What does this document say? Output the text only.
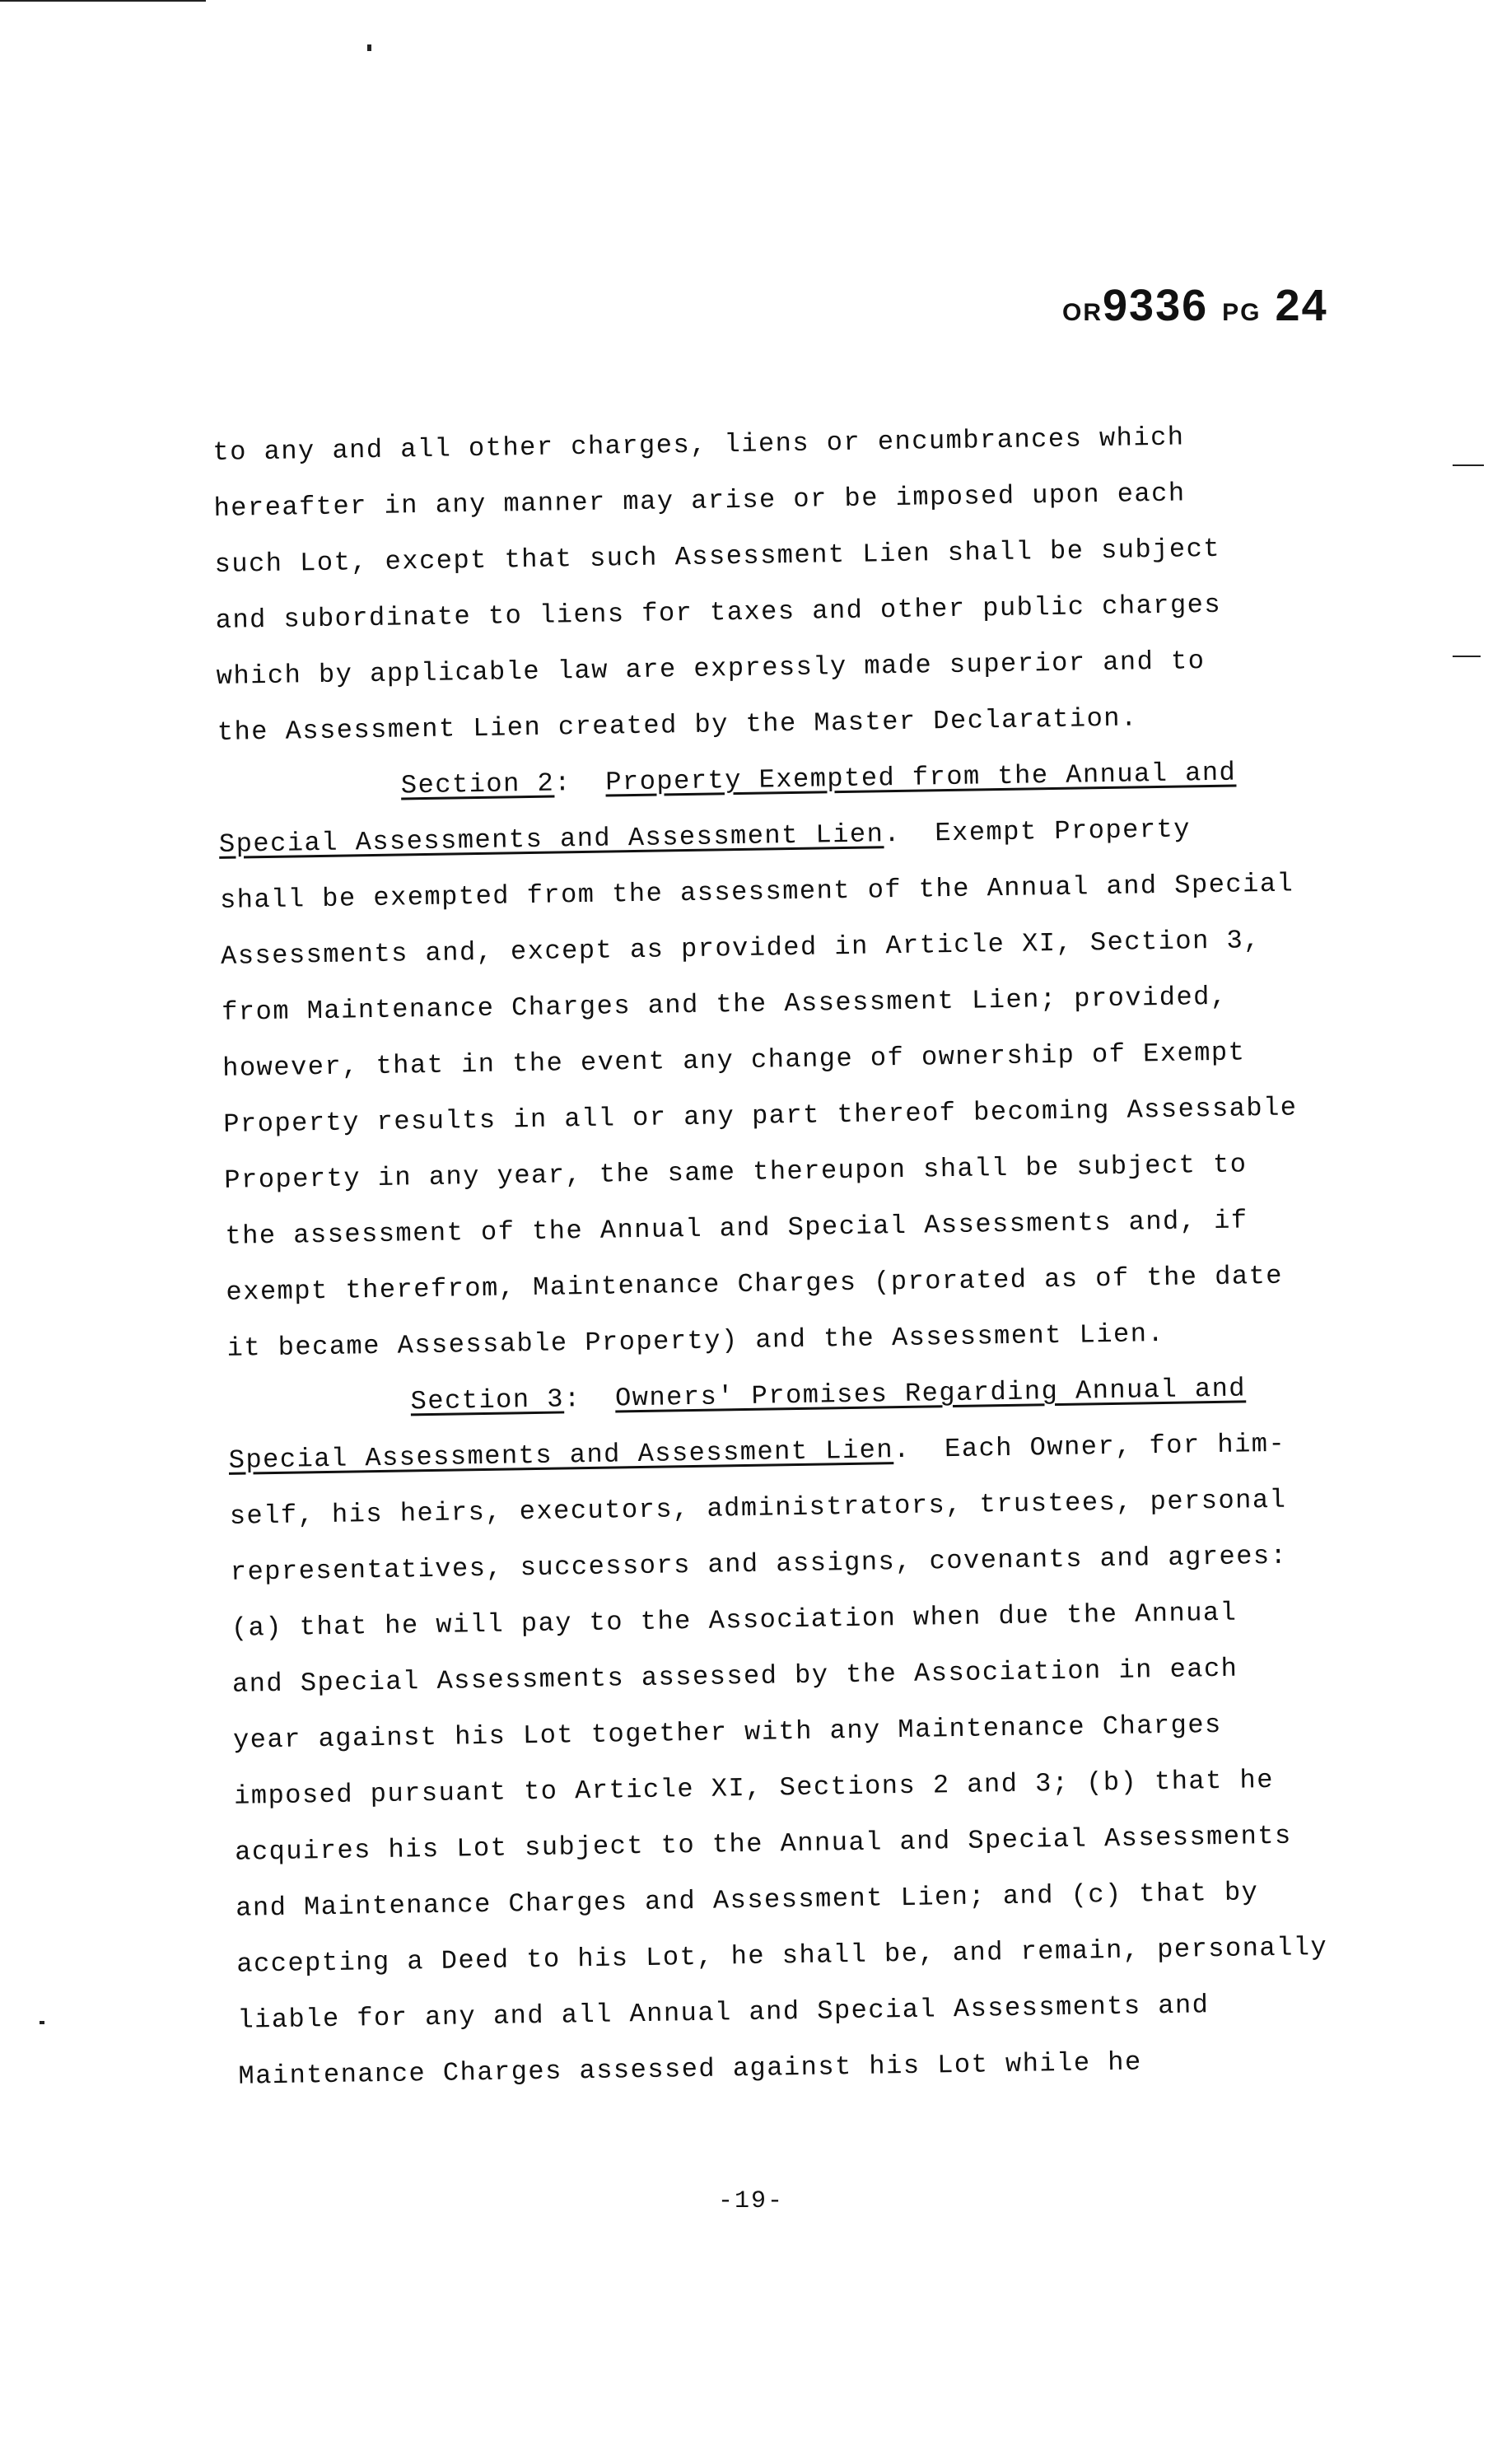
OR9336 PG 24
to any and all other charges, liens or encumbrances which
hereafter in any manner may arise or be imposed upon each
such Lot, except that such Assessment Lien shall be subject
and subordinate to liens for taxes and other public charges
which by applicable law are expressly made superior and to
the Assessment Lien created by the Master Declaration.
Section 2:  Property Exempted from the Annual and
Special Assessments and Assessment Lien.  Exempt Property
shall be exempted from the assessment of the Annual and Special
Assessments and, except as provided in Article XI, Section 3,
from Maintenance Charges and the Assessment Lien; provided,
however, that in the event any change of ownership of Exempt
Property results in all or any part thereof becoming Assessable
Property in any year, the same thereupon shall be subject to
the assessment of the Annual and Special Assessments and, if
exempt therefrom, Maintenance Charges (prorated as of the date
it became Assessable Property) and the Assessment Lien.
Section 3:  Owners' Promises Regarding Annual and
Special Assessments and Assessment Lien.  Each Owner, for him-
self, his heirs, executors, administrators, trustees, personal
representatives, successors and assigns, covenants and agrees:
(a) that he will pay to the Association when due the Annual
and Special Assessments assessed by the Association in each
year against his Lot together with any Maintenance Charges
imposed pursuant to Article XI, Sections 2 and 3; (b) that he
acquires his Lot subject to the Annual and Special Assessments
and Maintenance Charges and Assessment Lien; and (c) that by
accepting a Deed to his Lot, he shall be, and remain, personally
liable for any and all Annual and Special Assessments and
Maintenance Charges assessed against his Lot while he
-19-
